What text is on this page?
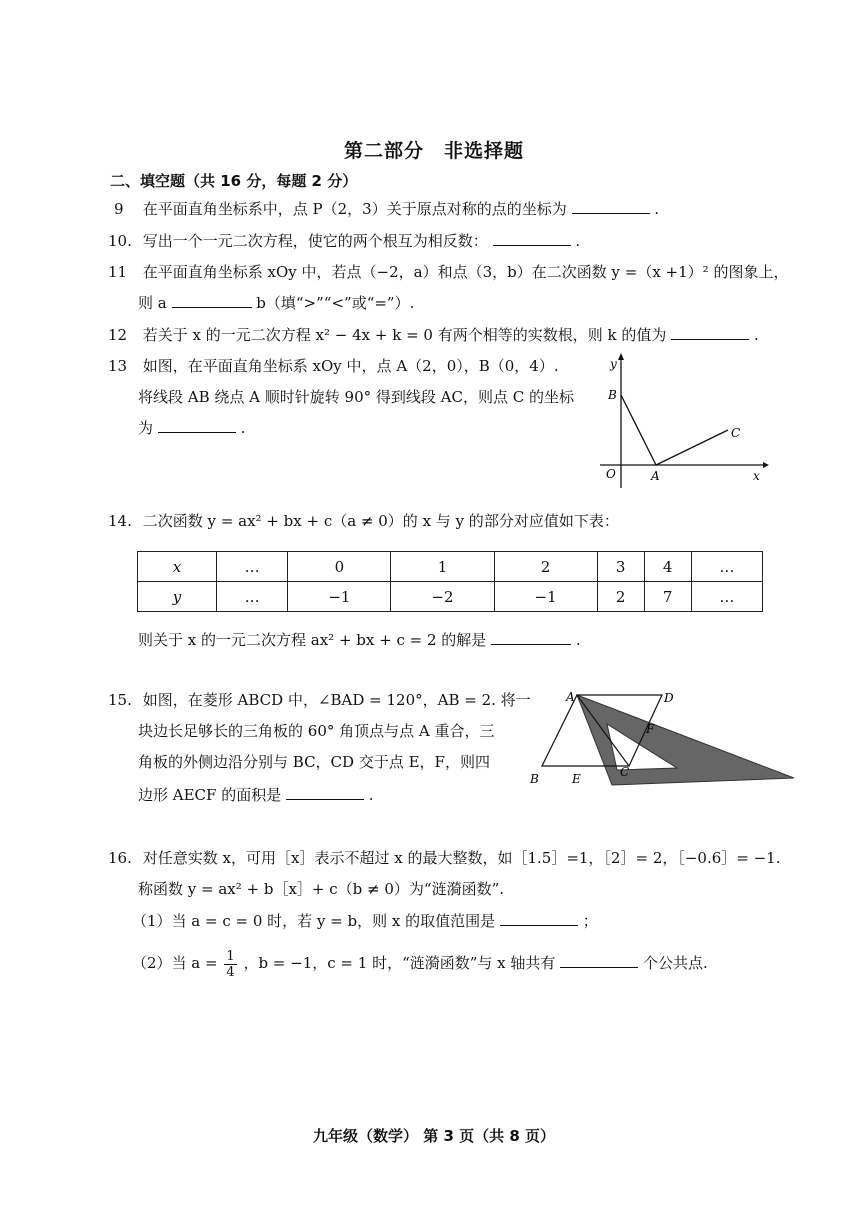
第二部分　非选择题
二、填空题（共 16 分，每题 2 分）
9 在平面直角坐标系中，点 P（2，3）关于原点对称的点的坐标为	.
10. 写出一个一元二次方程，使它的两个根互为相反数：	.
11 在平面直角坐标系 xOy 中，若点（−2，a）和点（3，b）在二次函数 y =（x +1）² 的图象上，
则 a	b（填“>”“<”或“=”）.
12 若关于 x 的一元二次方程 x² − 4x + k = 0 有两个相等的实数根，则 k 的值为	.
13 如图，在平面直角坐标系 xOy 中，点 A（2，0），B（0，4）.
将线段 AB 绕点 A 顺时针旋转 90° 得到线段 AC，则点 C 的坐标
为	.
y
x
O	A
B
C
14. 二次函数 y = ax² + bx + c（a ≠ 0）的 x 与 y 的部分对应值如下表：
x	…	0	1	2	3	4	…
y	…	−1	−2	−1	2	7	…
则关于 x 的一元二次方程 ax² + bx + c = 2 的解是	.
15. 如图，在菱形 ABCD 中，∠BAD = 120°，AB = 2. 将一
块边长足够长的三角板的 60° 角顶点与点 A 重合，三
角板的外侧边沿分别与 BC，CD 交于点 E，F，则四
边形 AECF 的面积是	.
A	D
F
C
B	E
16. 对任意实数 x，可用［x］表示不超过 x 的最大整数，如［1.5］=1，［2］= 2，［−0.6］= −1.
称函数 y = ax² + b［x］+ c（b ≠ 0）为“涟漪函数”.
（1）当 a = c = 0 时，若 y = b，则 x 的取值范围是	；
（2）当 $a = \frac{1}{4}$ ，b = −1，c = 1 时，“涟漪函数”与 x 轴共有	个公共点.
九年级（数学） 第 3 页（共 8 页）
